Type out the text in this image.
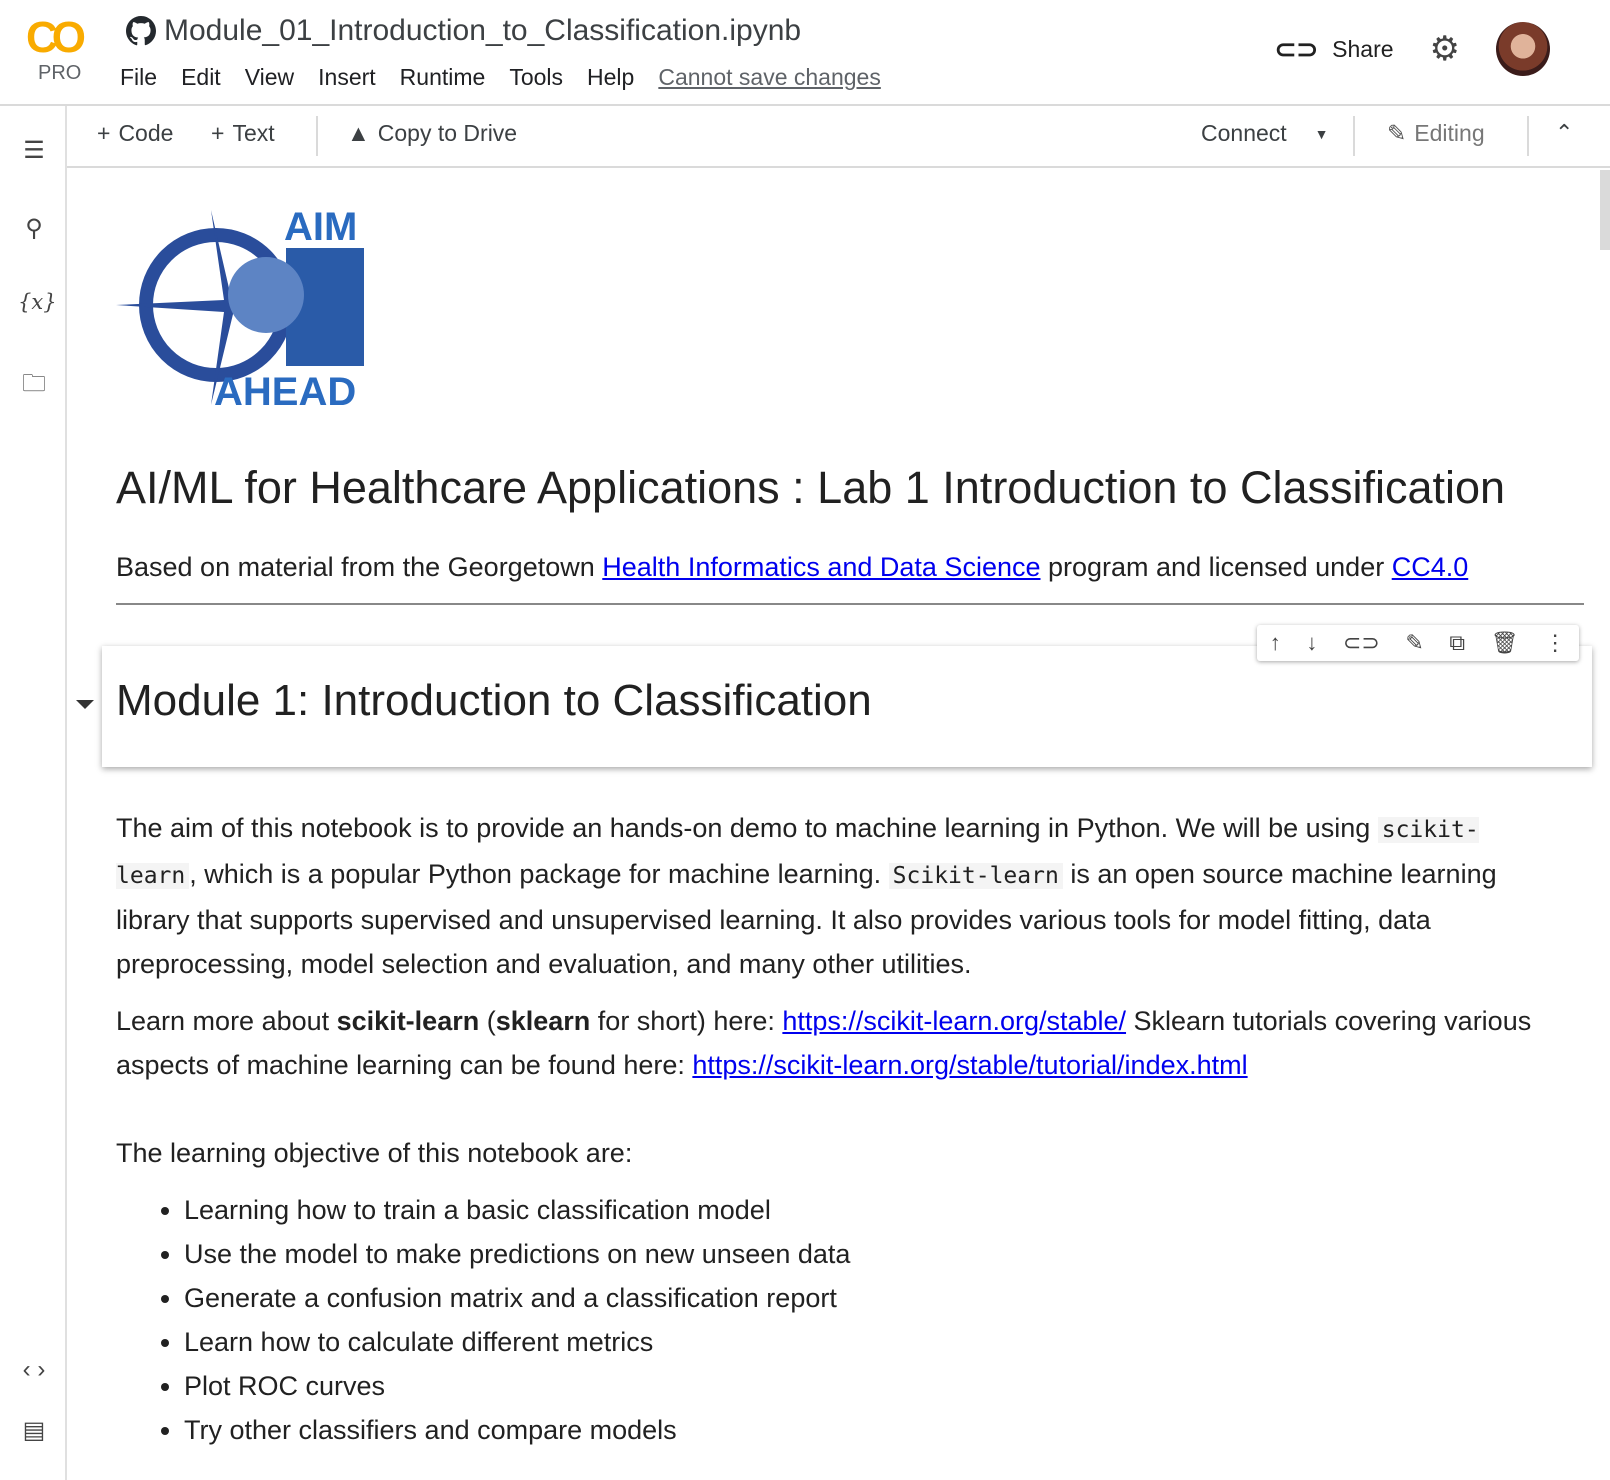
CO
PRO
Module_01_Introduction_to_Classification.ipynb
File Edit View Insert Runtime Tools Help Cannot save changes
⊂⊃ Share ⚙
☰
⚲
{x}
🗀
‹ ›
▤
+ Code + Text	▲ Copy to Drive	Connect ▼	✎ Editing	⌃
AIM
AHEAD
AI/ML for Healthcare Applications : Lab 1 Introduction to Classification
Based on material from the Georgetown Health Informatics and Data Science program and licensed under CC4.0
Module 1: Introduction to Classification
↑ ↓ ⊂⊃ ✎ ⧉ 🗑 ⋮

The aim of this notebook is to provide an hands-on demo to machine learning in Python. We will be using scikit-learn , which is a popular Python package for machine learning. Scikit-learn is an open source machine learning library that supports supervised and unsupervised learning. It also provides various tools for model fitting, data preprocessing, model selection and evaluation, and many other utilities.

Learn more about scikit-learn (sklearn for short) here: https://scikit-learn.org/stable/ Sklearn tutorials covering various aspects of machine learning can be found here: https://scikit-learn.org/stable/tutorial/index.html

The learning objective of this notebook are:

• Learning how to train a basic classification model
• Use the model to make predictions on new unseen data
• Generate a confusion matrix and a classification report
• Learn how to calculate different metrics
• Plot ROC curves
• Try other classifiers and compare models
